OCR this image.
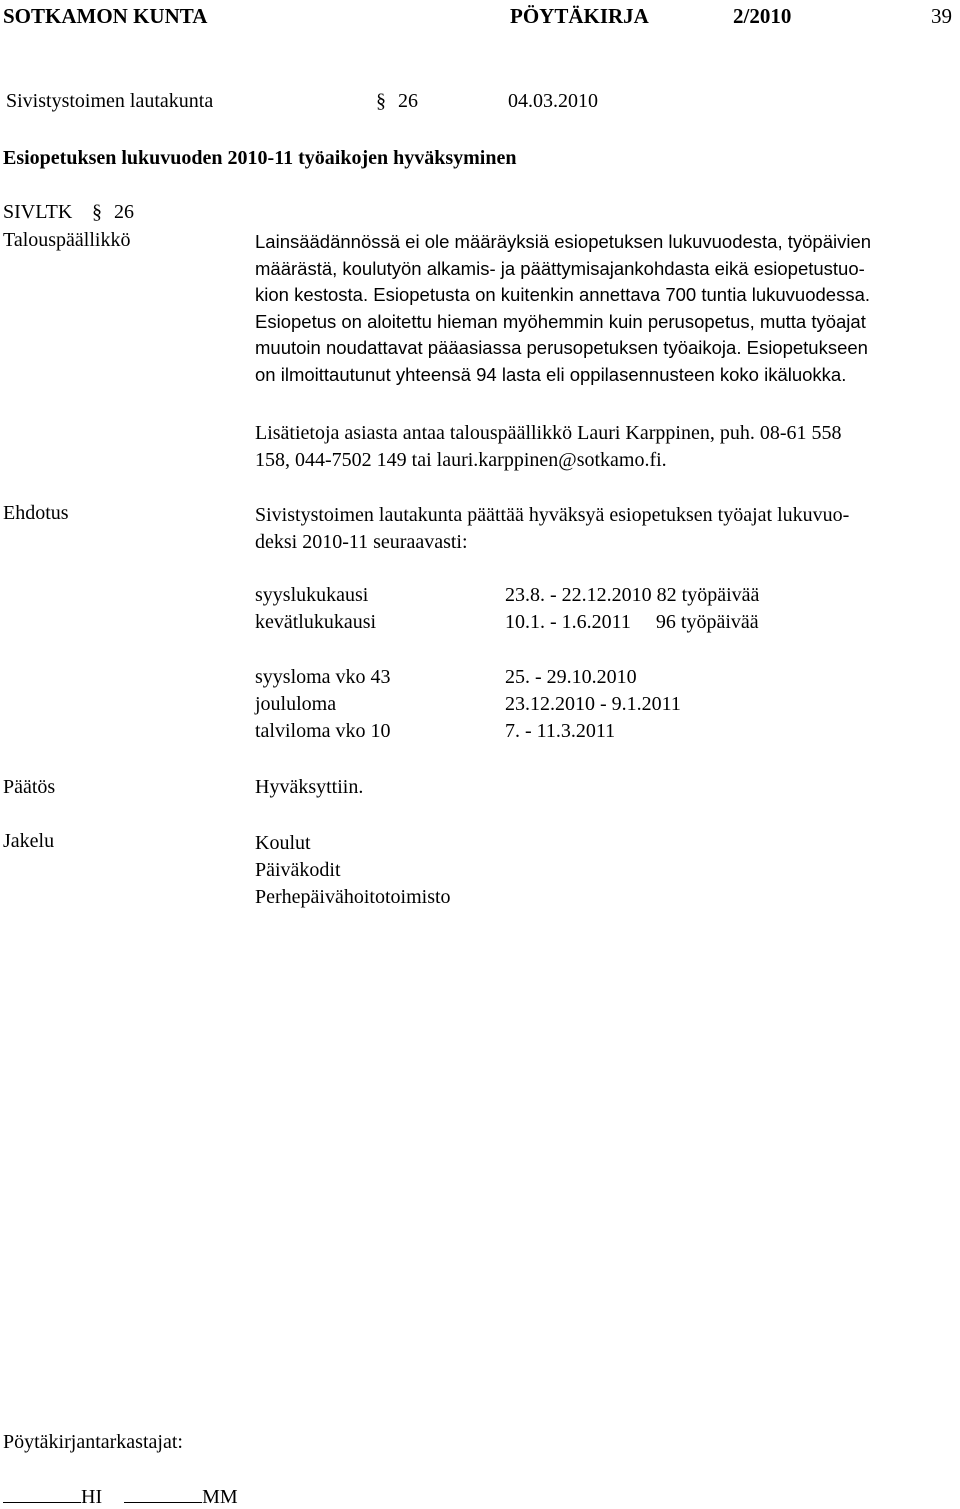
SOTKAMON KUNTA	PÖYTÄKIRJA	2/2010	39
Sivistystoimen lautakunta	§ 26	04.03.2010
Esiopetuksen lukuvuoden 2010-11 työaikojen hyväksyminen
SIVLTK § 26
Talouspäällikkö	Lainsäädännössä ei ole määräyksiä esiopetuksen lukuvuodesta, työpäivien
määrästä, koulutyön alkamis- ja päättymisajankohdasta eikä esiopetustuo-
kion kestosta. Esiopetusta on kuitenkin annettava 700 tuntia lukuvuodessa.
Esiopetus on aloitettu hieman myöhemmin kuin perusopetus, mutta työajat
muutoin noudattavat pääasiassa perusopetuksen työaikoja. Esiopetukseen
on ilmoittautunut yhteensä 94 lasta eli oppilasennusteen koko ikäluokka.
Lisätietoja asiasta antaa talouspäällikkö Lauri Karppinen, puh. 08-61 558
158, 044-7502 149 tai lauri.karppinen@sotkamo.fi.
Ehdotus	Sivistystoimen lautakunta päättää hyväksyä esiopetuksen työajat lukuvuo-
deksi 2010-11 seuraavasti:
syyslukukausi	23.8. - 22.12.2010 82 työpäivää
kevätlukukausi	10.1. - 1.6.2011     96 työpäivää
syysloma vko 43	25. - 29.10.2010
joululoma	23.12.2010 - 9.1.2011
talviloma vko 10	7. - 11.3.2011
Päätös	Hyväksyttiin.
Jakelu	Koulut
Päiväkodit
Perhepäivähoitotoimisto
Pöytäkirjantarkastajat:
HI	MM
